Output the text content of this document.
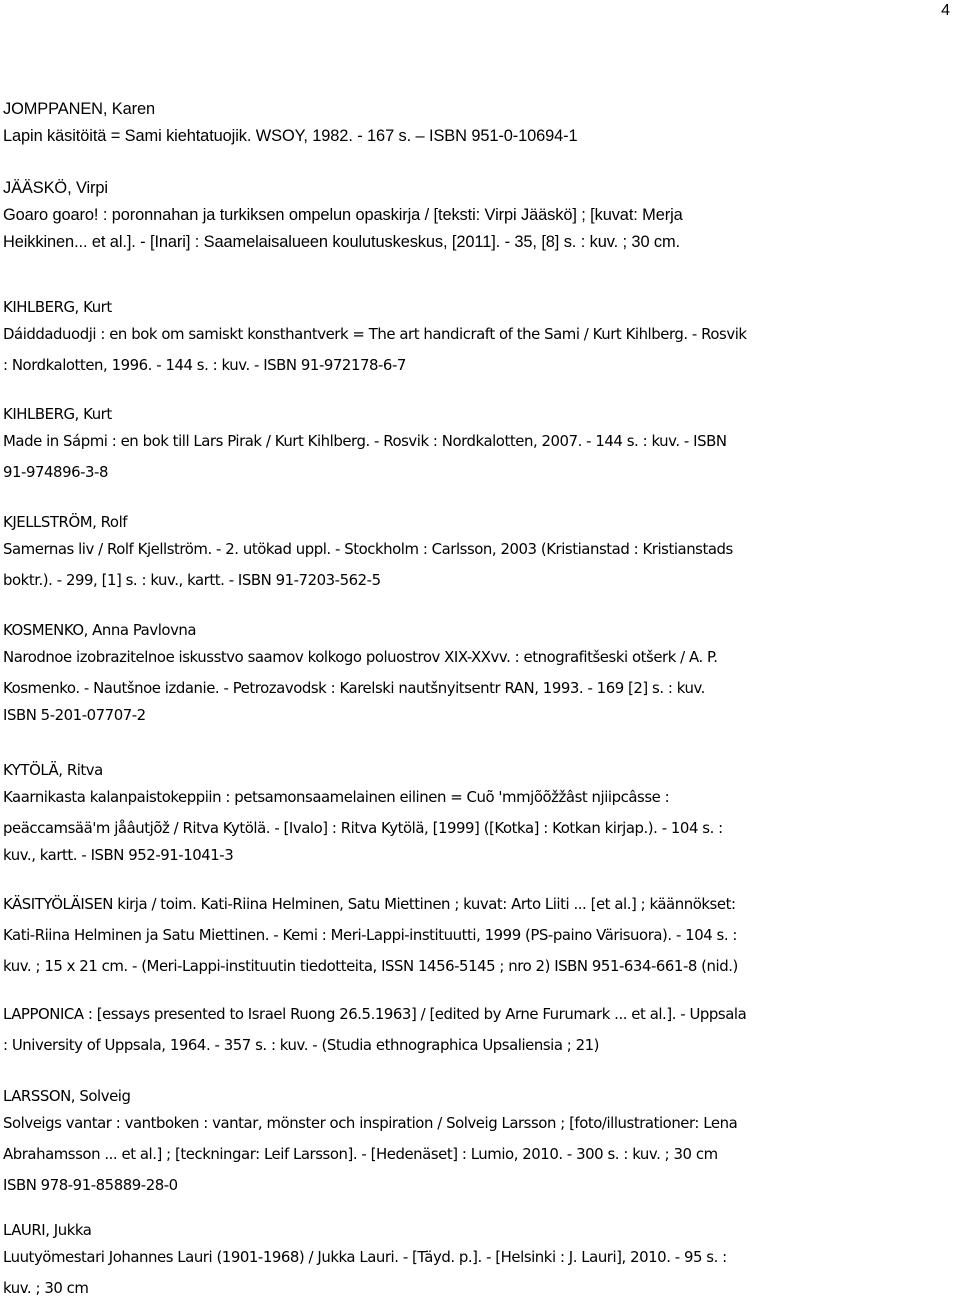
4
JOMPPANEN, Karen
Lapin käsitöitä = Sami kiehtatuojik. WSOY, 1982. - 167 s. – ISBN 951-0-10694-1
JÄÄSKÖ, Virpi
Goaro goaro! : poronnahan ja turkiksen ompelun opaskirja / [teksti: Virpi Jääskö] ; [kuvat: Merja
Heikkinen... et al.]. - [Inari] : Saamelaisalueen koulutuskeskus, [2011]. - 35, [8] s. : kuv. ; 30 cm.
KIHLBERG, Kurt
Dáiddaduodji : en bok om samiskt konsthantverk = The art handicraft of the Sami / Kurt Kihlberg. - Rosvik
: Nordkalotten, 1996. - 144 s. : kuv. - ISBN 91-972178-6-7
KIHLBERG, Kurt
Made in Sápmi : en bok till Lars Pirak / Kurt Kihlberg. - Rosvik : Nordkalotten, 2007. - 144 s. : kuv. - ISBN
91-974896-3-8
KJELLSTRÖM, Rolf
Samernas liv / Rolf Kjellström. - 2. utökad uppl. - Stockholm : Carlsson, 2003 (Kristianstad : Kristianstads
boktr.). - 299, [1] s. : kuv., kartt. - ISBN 91-7203-562-5
KOSMENKO, Anna Pavlovna
Narodnoe izobrazitelnoe iskusstvo saamov kolkogo poluostrov XIX-XXvv. : etnografitšeski otšerk / A. P.
Kosmenko. - Nautšnoe izdanie. - Petrozavodsk : Karelski nautšnyitsentr RAN, 1993. - 169 [2] s. : kuv.
ISBN 5-201-07707-2
KYTÖLÄ, Ritva
Kaarnikasta kalanpaistokeppiin : petsamonsaamelainen eilinen = Cuõ 'mmjõõžžâst njiipcâsse :
peäccamsää'm jåâutjõž / Ritva Kytölä. - [Ivalo] : Ritva Kytölä, [1999] ([Kotka] : Kotkan kirjap.). - 104 s. :
kuv., kartt. - ISBN 952-91-1041-3
KÄSITYÖLÄISEN kirja / toim. Kati-Riina Helminen, Satu Miettinen ; kuvat: Arto Liiti ... [et al.] ; käännökset:
Kati-Riina Helminen ja Satu Miettinen. - Kemi : Meri-Lappi-instituutti, 1999 (PS-paino Värisuora). - 104 s. :
kuv. ; 15 x 21 cm. - (Meri-Lappi-instituutin tiedotteita, ISSN 1456-5145 ; nro 2) ISBN 951-634-661-8 (nid.)
LAPPONICA : [essays presented to Israel Ruong 26.5.1963] / [edited by Arne Furumark ... et al.]. - Uppsala
: University of Uppsala, 1964. - 357 s. : kuv. - (Studia ethnographica Upsaliensia ; 21)
LARSSON, Solveig
Solveigs vantar : vantboken : vantar, mönster och inspiration / Solveig Larsson ; [foto/illustrationer: Lena
Abrahamsson ... et al.] ; [teckningar: Leif Larsson]. - [Hedenäset] : Lumio, 2010. - 300 s. : kuv. ; 30 cm
ISBN 978-91-85889-28-0
LAURI, Jukka
Luutyömestari Johannes Lauri (1901-1968) / Jukka Lauri. - [Täyd. p.]. - [Helsinki : J. Lauri], 2010. - 95 s. :
kuv. ; 30 cm
